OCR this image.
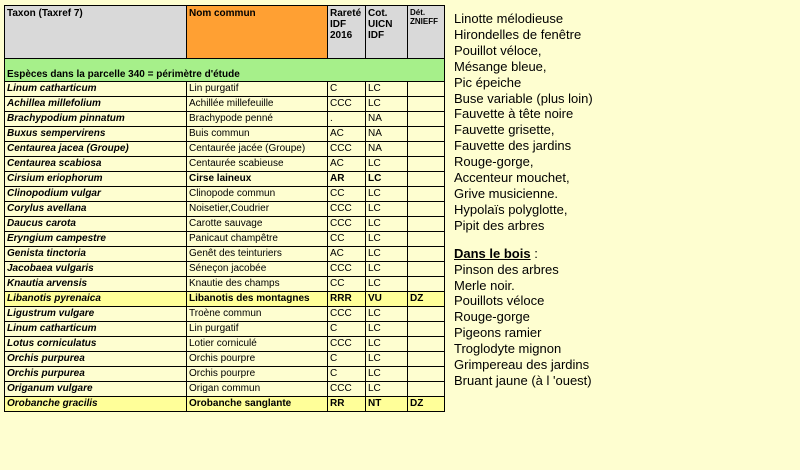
Taxon (Taxref 7)	Nom commun	Rareté IDF 2016	Cot. UICN IDF	Dét. ZNIEFF
Espèces dans la parcelle 340 = périmètre d'étude				
Linum catharticum	Lin purgatif	C	LC	
Achillea millefolium	Achillée millefeuille	CCC	LC	
Brachypodium pinnatum	Brachypode penné	.	NA	
Buxus sempervirens	Buis commun	AC	NA	
Centaurea jacea (Groupe)	Centaurée jacée (Groupe)	CCC	NA	
Centaurea scabiosa	Centaurée scabieuse	AC	LC	
Cirsium eriophorum	Cirse laineux	AR	LC	
Clinopodium vulgar	Clinopode commun	CC	LC	
Corylus avellana	Noisetier,Coudrier	CCC	LC	
Daucus carota	Carotte sauvage	CCC	LC	
Eryngium campestre	Panicaut champêtre	CC	LC	
Genista tinctoria	Genêt des teinturiers	AC	LC	
Jacobaea vulgaris	Séneçon jacobée	CCC	LC	
Knautia arvensis	Knautie des champs	CC	LC	
Libanotis pyrenaica	Libanotis des montagnes	RRR	VU	DZ
Ligustrum vulgare	Troène commun	CCC	LC	
Linum catharticum	Lin purgatif	C	LC	
Lotus corniculatus	Lotier corniculé	CCC	LC	
Orchis purpurea	Orchis pourpre	C	LC	
Orchis purpurea	Orchis pourpre	C	LC	
Origanum vulgare	Origan commun	CCC	LC	
Orobanche gracilis	Orobanche sanglante	RR	NT	DZ
Linotte mélodieuse
Hirondelles de fenêtre
Pouillot véloce,
Mésange bleue,
Pic épeiche
Buse variable (plus loin)
Fauvette à tête noire
Fauvette grisette,
Fauvette des jardins
Rouge-gorge,
Accenteur mouchet,
Grive musicienne.
Hypolaïs polyglotte,
Pipit des arbres
Dans le bois :
Pinson des arbres
Merle noir.
Pouillots véloce
Rouge-gorge
Pigeons ramier
Troglodyte mignon
Grimpereau des jardins
Bruant jaune (à l 'ouest)
